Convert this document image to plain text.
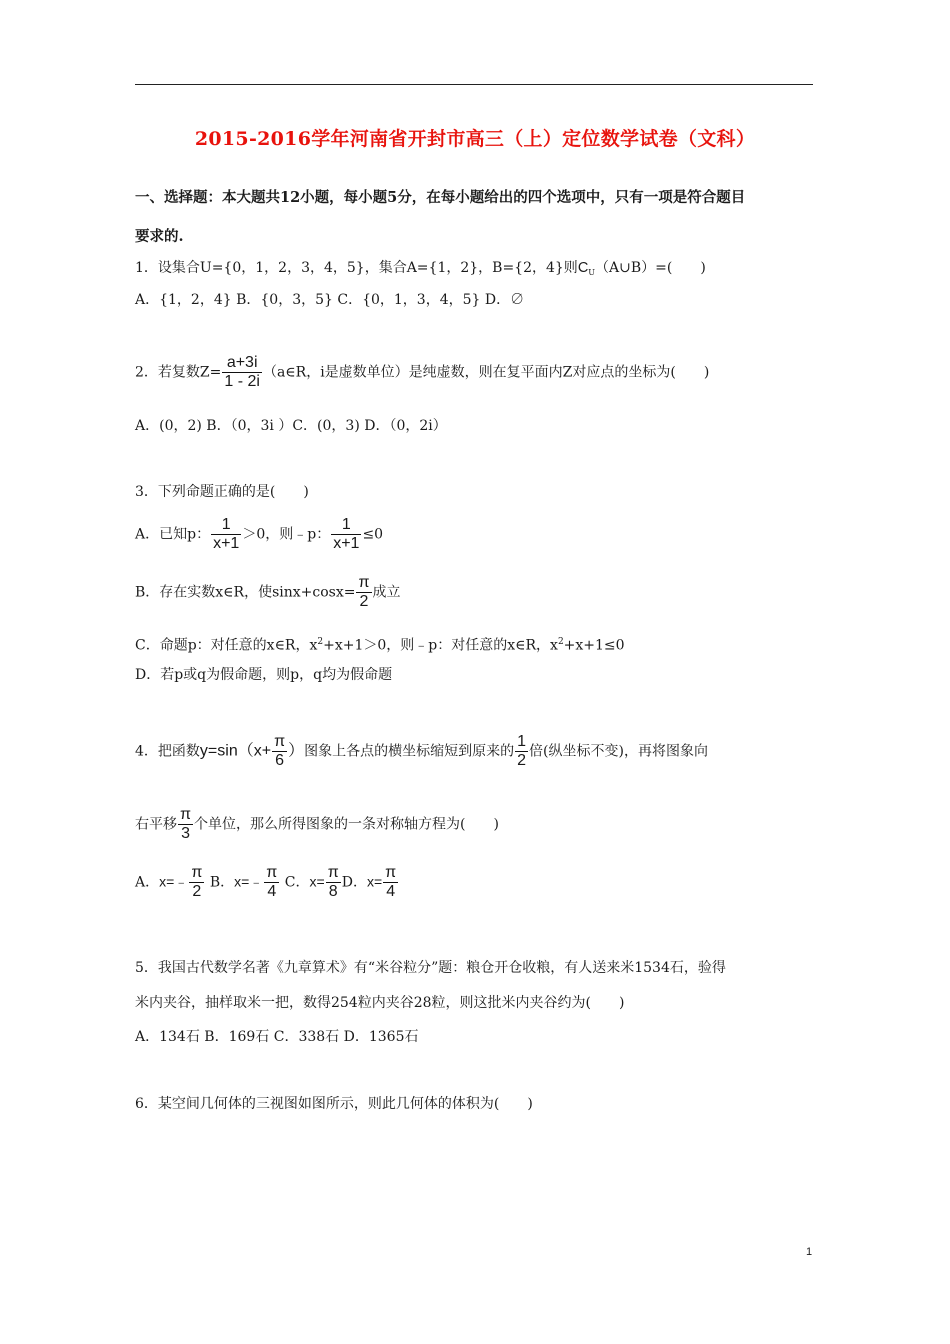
2015-2016学年河南省开封市高三（上）定位数学试卷（文科）
一、选择题：本大题共12小题，每小题5分，在每小题给出的四个选项中，只有一项是符合题目
要求的.
1．设集合U={0，1，2，3，4，5}，集合A={1，2}，B={2，4}则$C_U(A\cup B)=$(　　)
A．{1，2，4} B．{0，3，5} C．{0，1，3，4，5} D．∅
2．若复数$Z= \frac{a+3i}{1 - 2i}$ （a∈R，i是虚数单位）是纯虚数，则在复平面内Z对应点的坐标为(　　)
A．(0，2) B．（0，3i ）C．(0，3) D．（0，2i）
3．下列命题正确的是(　　)
A．已知p： $\frac{1}{x+1} >0$，则﹣p： $\frac{1}{x+1} \le 0$
B．存在实数x∈R，使$\sin x+\cos x= \frac{\pi}{2}$ 成立
C．命题p：对任意的x∈R，$x^2+x+1>0$，则﹣p：对任意的x∈R，$x^2+x+1\le 0$
D．若p或q为假命题，则p，q均为假命题
4．把函数$y=\sin(x+ \frac{\pi}{6}$ ）图象上各点的横坐标缩短到原来的 $\frac{1}{2}$ 倍(纵坐标不变)，再将图象向
右平移 $\frac{\pi}{3}$ 个单位，那么所得图象的一条对称轴方程为(　　)
A．x=﹣ $\frac{\pi}{2}$ B．x=﹣ $\frac{\pi}{4}$ C．$x= \frac{\pi}{8}$ D．$x= \frac{\pi}{4}$
5．我国古代数学名著《九章算术》有“米谷粒分”题：粮仓开仓收粮，有人送来米1534石，验得
米内夹谷，抽样取米一把，数得254粒内夹谷28粒，则这批米内夹谷约为(　　)
A．134石 B．169石 C．338石 D．1365石
6．某空间几何体的三视图如图所示，则此几何体的体积为(　　)
1
